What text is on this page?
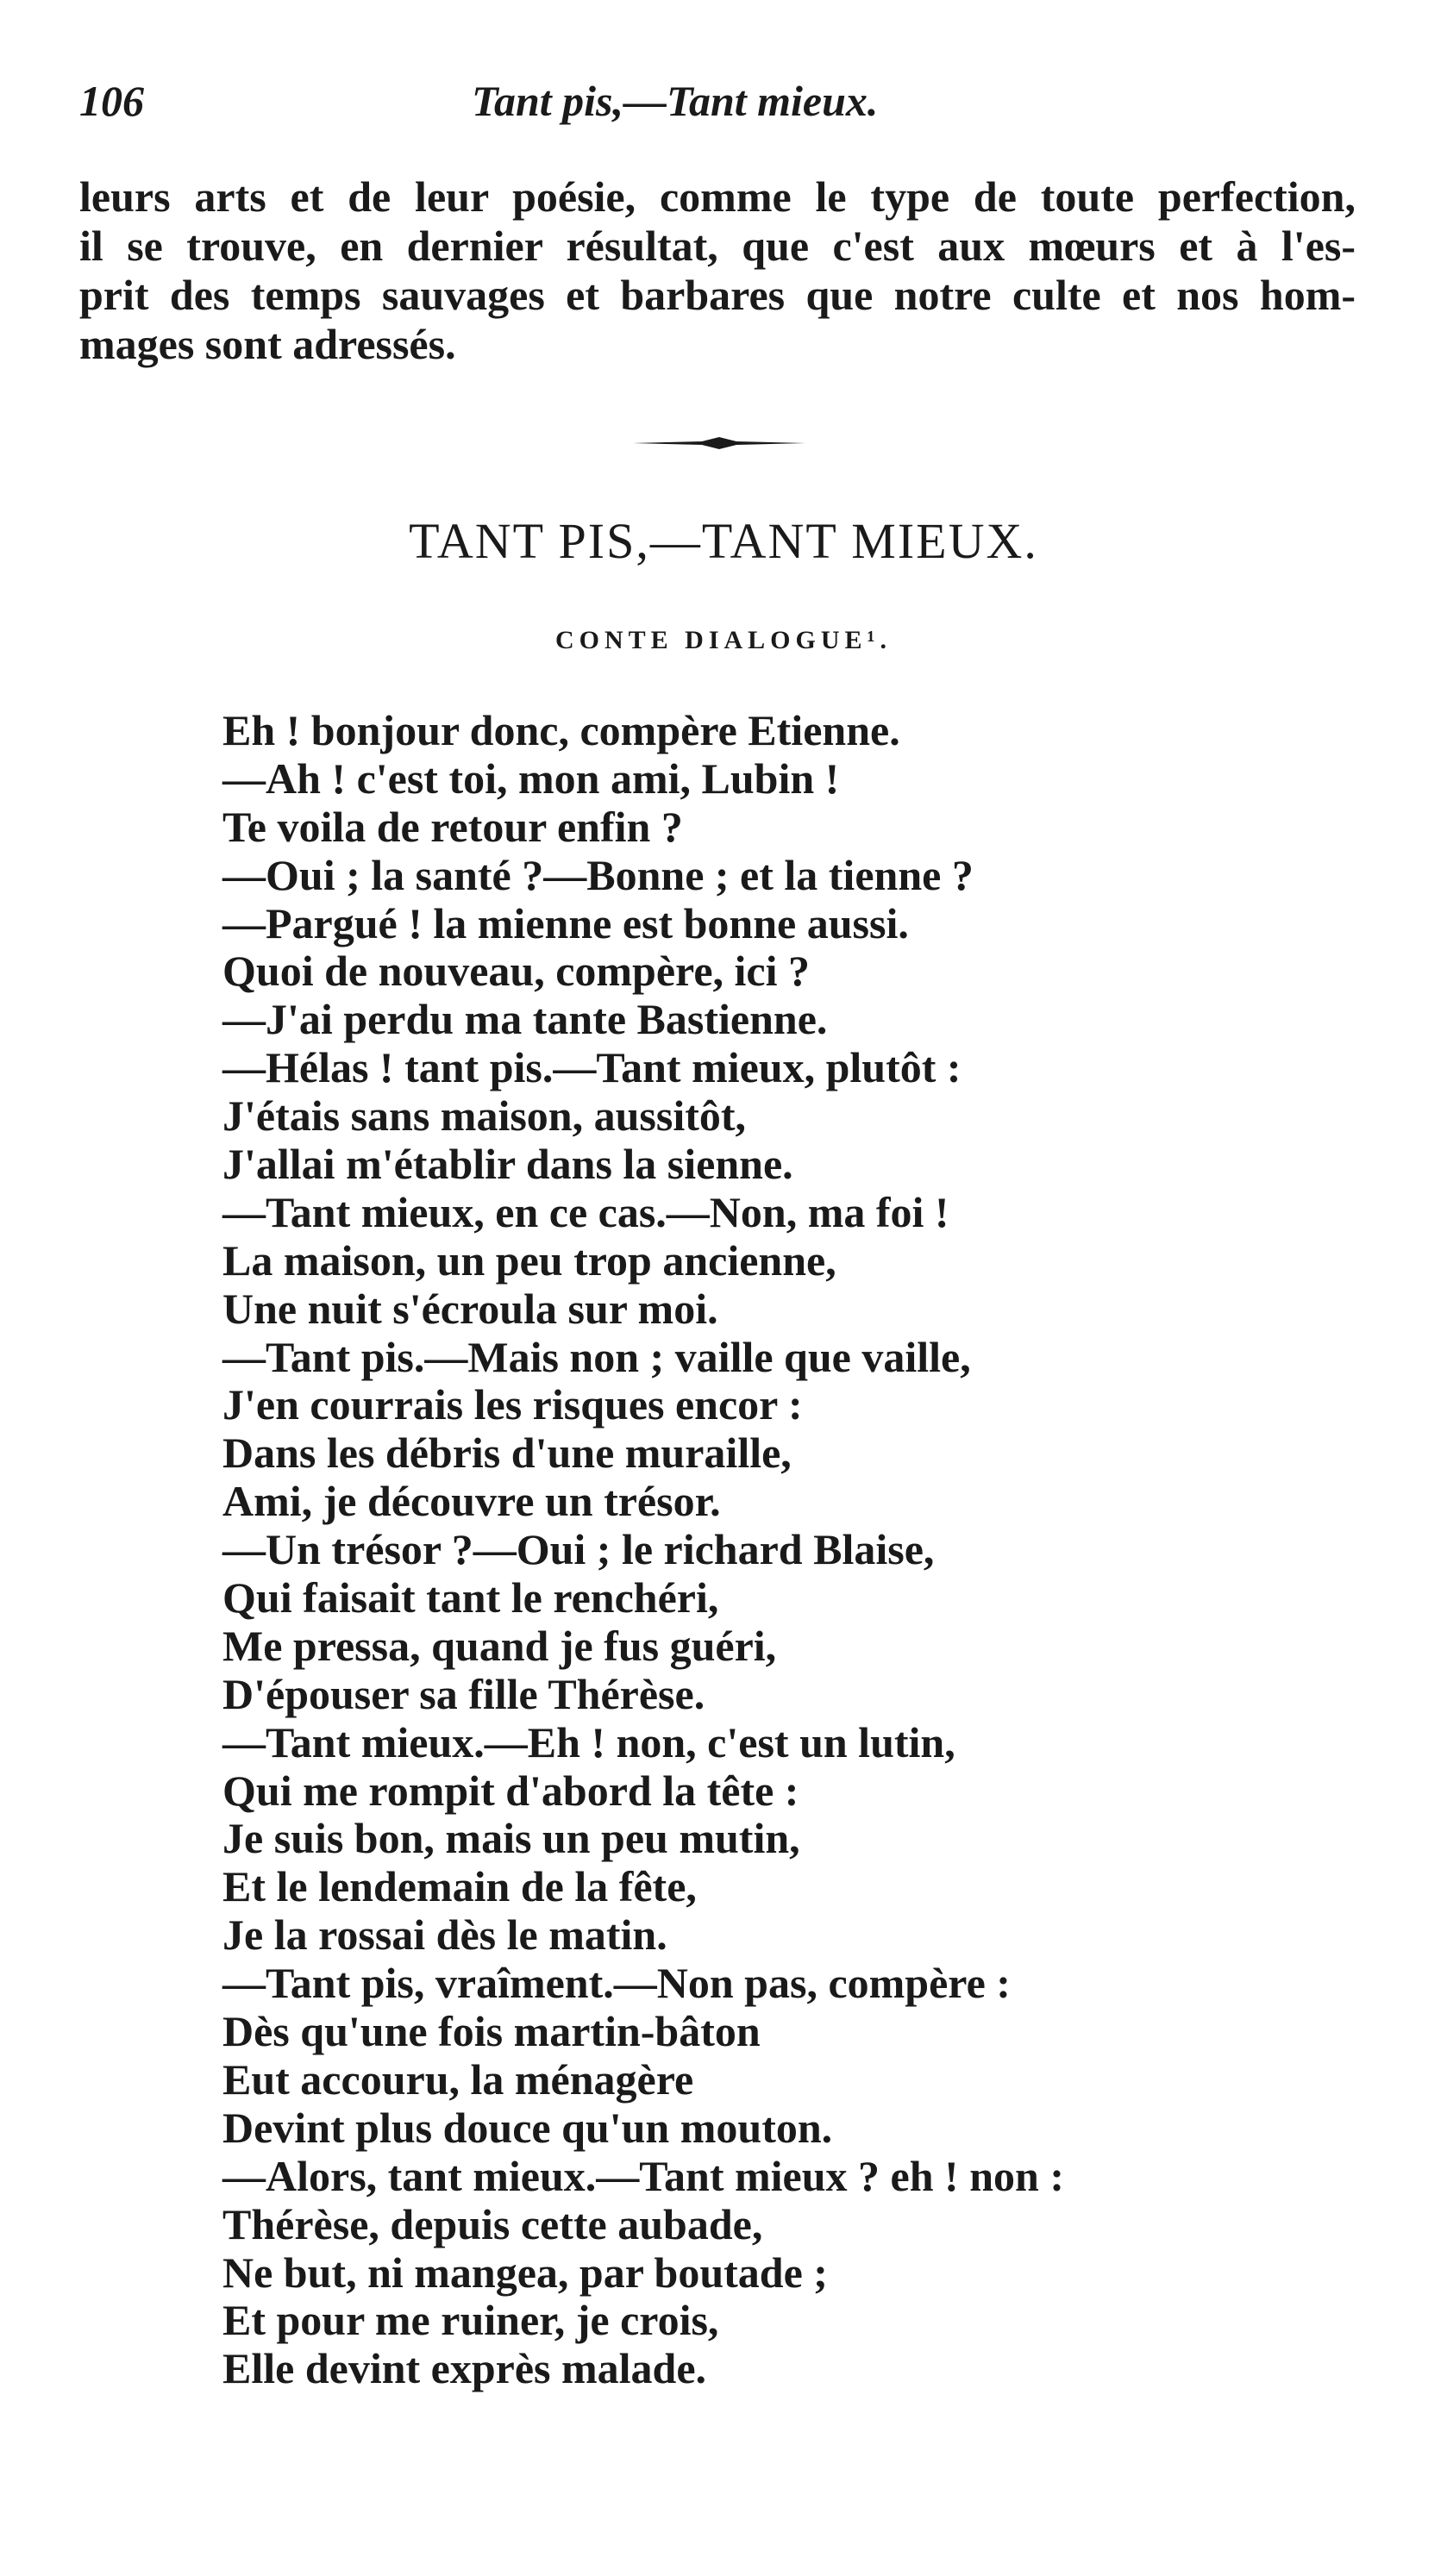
106	Tant pis,—Tant mieux.
leurs arts et de leur poésie, comme le type de toute perfection,
il se trouve, en dernier résultat, que c'est aux mœurs et à l'es-
prit des temps sauvages et barbares que notre culte et nos hom-
mages sont adressés.
TANT PIS,—TANT MIEUX.
CONTE DIALOGUE¹.
Eh ! bonjour donc, compère Etienne.
—Ah ! c'est toi, mon ami, Lubin !
Te voila de retour enfin ?
—Oui ; la santé ?—Bonne ; et la tienne ?
—Pargué ! la mienne est bonne aussi.
Quoi de nouveau, compère, ici ?
—J'ai perdu ma tante Bastienne.
—Hélas ! tant pis.—Tant mieux, plutôt :
J'étais sans maison, aussitôt,
J'allai m'établir dans la sienne.
—Tant mieux, en ce cas.—Non, ma foi !
La maison, un peu trop ancienne,
Une nuit s'écroula sur moi.
—Tant pis.—Mais non ; vaille que vaille,
J'en courrais les risques encor :
Dans les débris d'une muraille,
Ami, je découvre un trésor.
—Un trésor ?—Oui ; le richard Blaise,
Qui faisait tant le renchéri,
Me pressa, quand je fus guéri,
D'épouser sa fille Thérèse.
—Tant mieux.—Eh ! non, c'est un lutin,
Qui me rompit d'abord la tête :
Je suis bon, mais un peu mutin,
Et le lendemain de la fête,
Je la rossai dès le matin.
—Tant pis, vraîment.—Non pas, compère :
Dès qu'une fois martin-bâton
Eut accouru, la ménagère
Devint plus douce qu'un mouton.
—Alors, tant mieux.—Tant mieux ? eh ! non :
Thérèse, depuis cette aubade,
Ne but, ni mangea, par boutade ;
Et pour me ruiner, je crois,
Elle devint exprès malade.
